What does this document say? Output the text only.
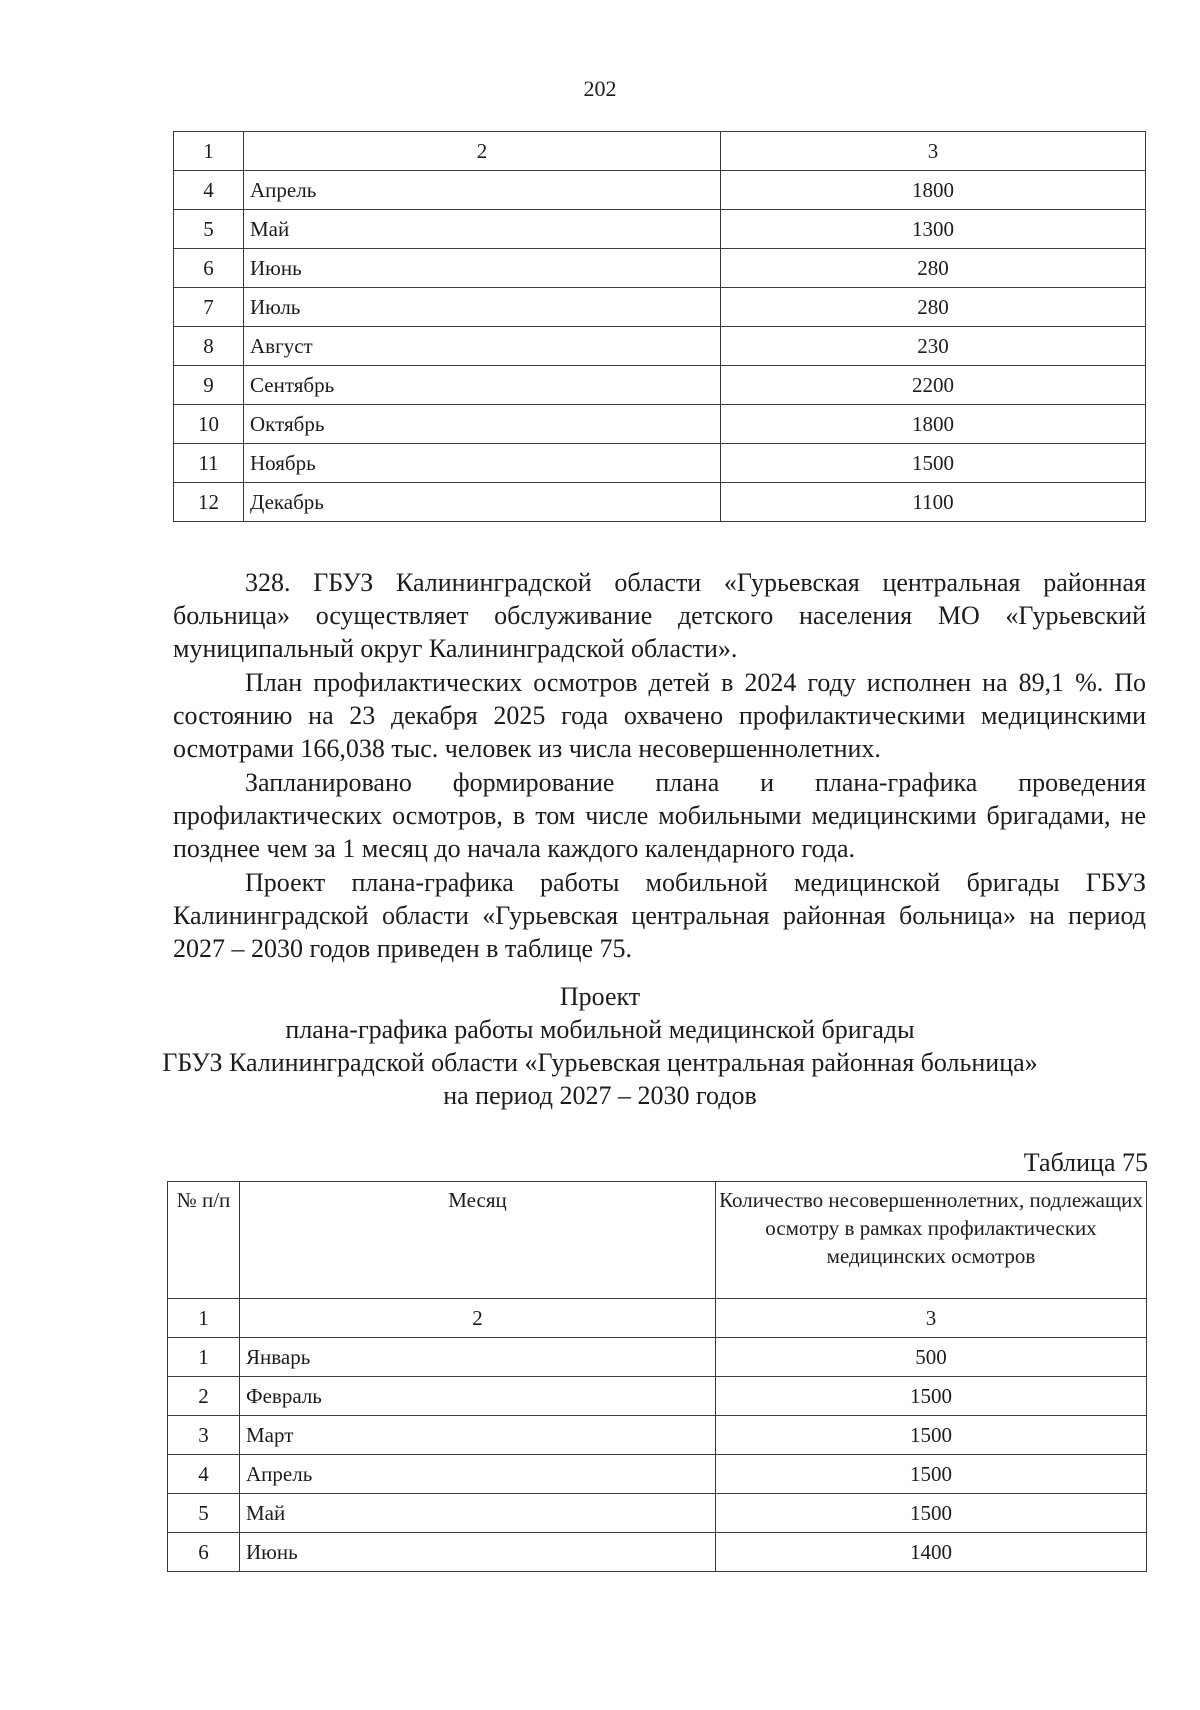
202
1	2	3
4	Апрель	1800
5	Май	1300
6	Июнь	280
7	Июль	280
8	Август	230
9	Сентябрь	2200
10	Октябрь	1800
11	Ноябрь	1500
12	Декабрь	1100

328. ГБУЗ Калининградской области «Гурьевская центральная районная больница» осуществляет обслуживание детского населения МО «Гурьевский муниципальный округ Калининградской области».

План профилактических осмотров детей в 2024 году исполнен на 89,1 %. По состоянию на 23 декабря 2025 года охвачено профилактическими медицинскими осмотрами 166,038 тыс. человек из числа несовершеннолетних.

Запланировано формирование плана и плана-графика проведения профилактических осмотров, в том числе мобильными медицинскими бригадами, не позднее чем за 1 месяц до начала каждого календарного года.

Проект плана-графика работы мобильной медицинской бригады ГБУЗ Калининградской области «Гурьевская центральная районная больница» на период 2027 – 2030 годов приведен в таблице 75.

Проект
плана-графика работы мобильной медицинской бригады
ГБУЗ Калининградской области «Гурьевская центральная районная больница»
на период 2027 – 2030 годов
Таблица 75
№ п/п	Месяц	Количество несовершеннолетних, подлежащих осмотру в рамках профилактических медицинских осмотров
1	2	3
1	Январь	500
2	Февраль	1500
3	Март	1500
4	Апрель	1500
5	Май	1500
6	Июнь	1400
